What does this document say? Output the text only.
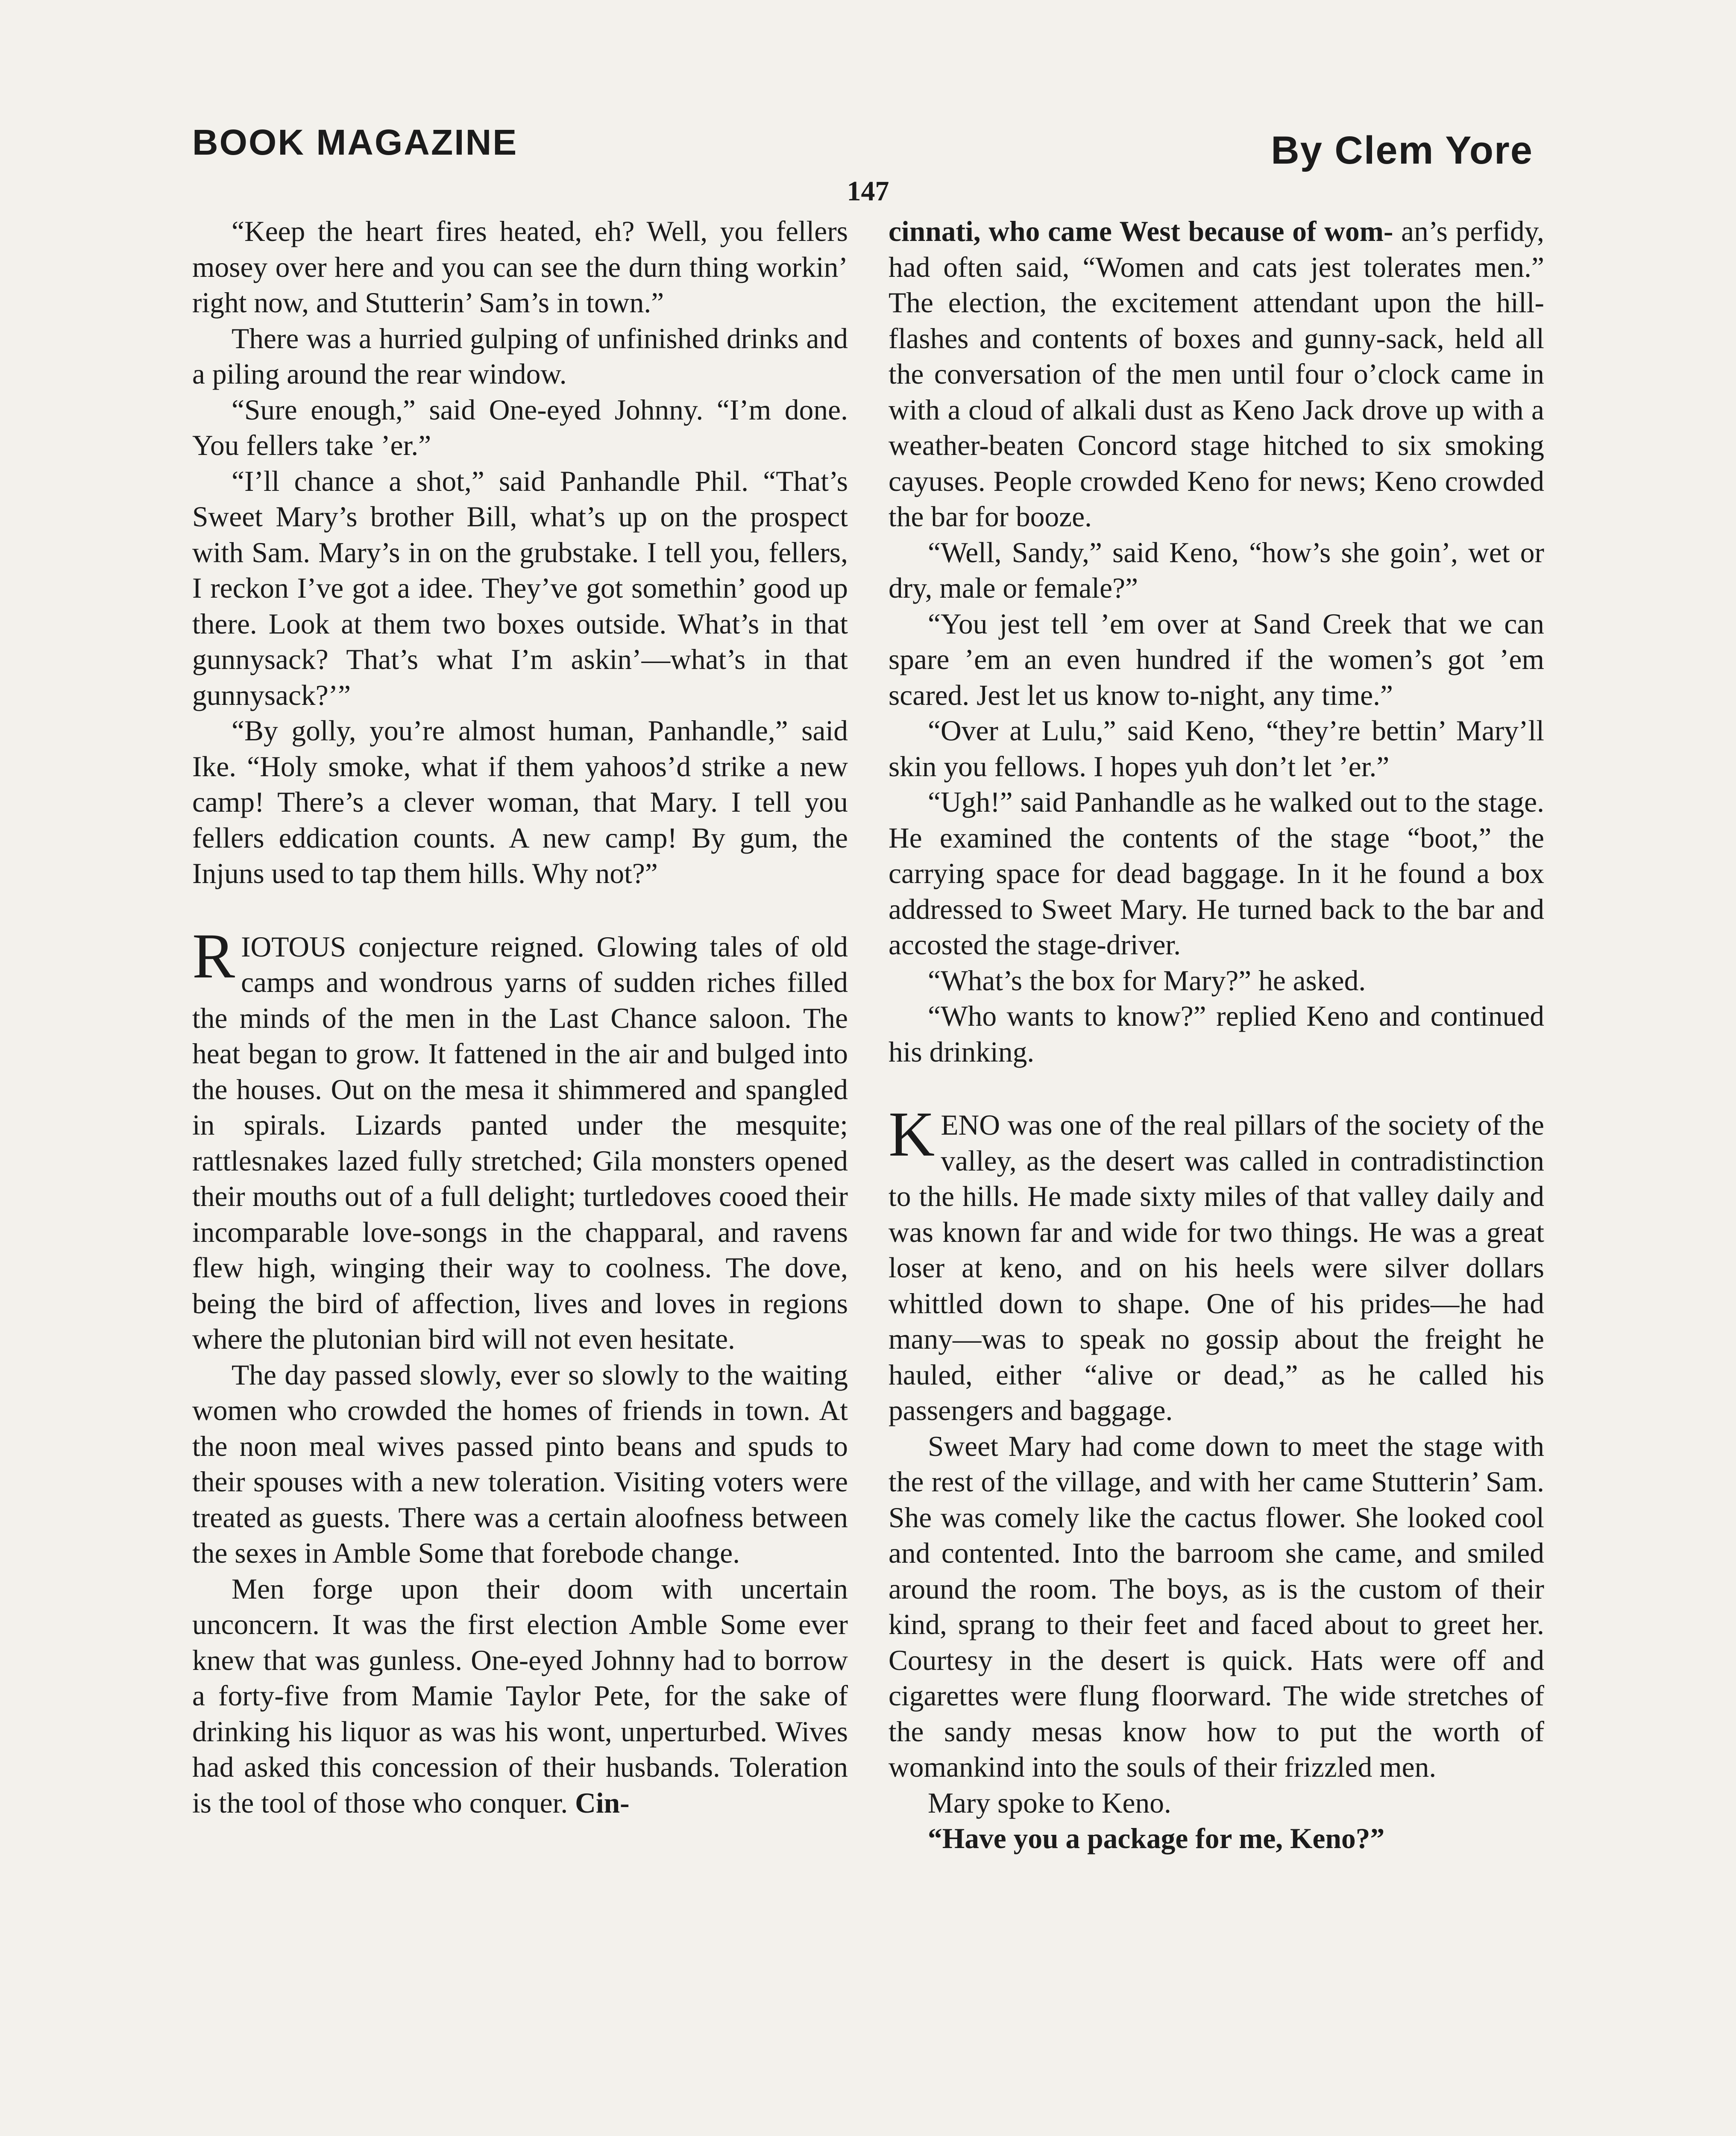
BOOK MAGAZINE	By Clem Yore
147

“Keep the heart fires heated, eh? Well, you fellers mosey over here and you can see the durn thing workin’ right now, and Stutterin’ Sam’s in town.”

There was a hurried gulping of unfinished drinks and a piling around the rear window.

“Sure enough,” said One-eyed Johnny. “I’m done. You fellers take ’er.”

“I’ll chance a shot,” said Panhandle Phil. “That’s Sweet Mary’s brother Bill, what’s up on the prospect with Sam. Mary’s in on the grubstake. I tell you, fellers, I reckon I’ve got a idee. They’ve got somethin’ good up there. Look at them two boxes outside. What’s in that gunnysack? That’s what I’m askin’—what’s in that gunnysack?’”

“By golly, you’re almost human, Panhandle,” said Ike. “Holy smoke, what if them yahoos’d strike a new camp! There’s a clever woman, that Mary. I tell you fellers eddication counts. A new camp! By gum, the Injuns used to tap them hills. Why not?”

RIOTOUS conjecture reigned. Glowing tales of old camps and wondrous yarns of sudden riches filled the minds of the men in the Last Chance saloon. The heat began to grow. It fattened in the air and bulged into the houses. Out on the mesa it shimmered and spangled in spirals. Lizards panted under the mesquite; rattlesnakes lazed fully stretched; Gila monsters opened their mouths out of a full delight; turtledoves cooed their incomparable love-songs in the chapparal, and ravens flew high, winging their way to coolness. The dove, being the bird of affection, lives and loves in regions where the plutonian bird will not even hesitate.

The day passed slowly, ever so slowly to the waiting women who crowded the homes of friends in town. At the noon meal wives passed pinto beans and spuds to their spouses with a new toleration. Visiting voters were treated as guests. There was a certain aloofness between the sexes in Amble Some that forebode change.

Men forge upon their doom with uncertain unconcern. It was the first election Amble Some ever knew that was gunless. One-eyed Johnny had to borrow a forty-five from Mamie Taylor Pete, for the sake of drinking his liquor as was his wont, unperturbed. Wives had asked this concession of their husbands. Toleration is the tool of those who conquer. Cin-

cinnati, who came West because of wom- an’s perfidy, had often said, “Women and cats jest tolerates men.” The election, the excitement attendant upon the hill-flashes and contents of boxes and gunny-sack, held all the conversation of the men until four o’clock came in with a cloud of alkali dust as Keno Jack drove up with a weather-beaten Concord stage hitched to six smoking cayuses. People crowded Keno for news; Keno crowded the bar for booze.

“Well, Sandy,” said Keno, “how’s she goin’, wet or dry, male or female?”

“You jest tell ’em over at Sand Creek that we can spare ’em an even hundred if the women’s got ’em scared. Jest let us know to-night, any time.”

“Over at Lulu,” said Keno, “they’re bettin’ Mary’ll skin you fellows. I hopes yuh don’t let ’er.”

“Ugh!” said Panhandle as he walked out to the stage. He examined the contents of the stage “boot,” the carrying space for dead baggage. In it he found a box addressed to Sweet Mary. He turned back to the bar and accosted the stage-driver.

“What’s the box for Mary?” he asked.

“Who wants to know?” replied Keno and continued his drinking.

KENO was one of the real pillars of the society of the valley, as the desert was called in contradistinction to the hills. He made sixty miles of that valley daily and was known far and wide for two things. He was a great loser at keno, and on his heels were silver dollars whittled down to shape. One of his prides—he had many—was to speak no gossip about the freight he hauled, either “alive or dead,” as he called his passengers and baggage.

Sweet Mary had come down to meet the stage with the rest of the village, and with her came Stutterin’ Sam. She was comely like the cactus flower. She looked cool and contented. Into the barroom she came, and smiled around the room. The boys, as is the custom of their kind, sprang to their feet and faced about to greet her. Courtesy in the desert is quick. Hats were off and cigarettes were flung floorward. The wide stretches of the sandy mesas know how to put the worth of womankind into the souls of their frizzled men.

Mary spoke to Keno.

“Have you a package for me, Keno?”
